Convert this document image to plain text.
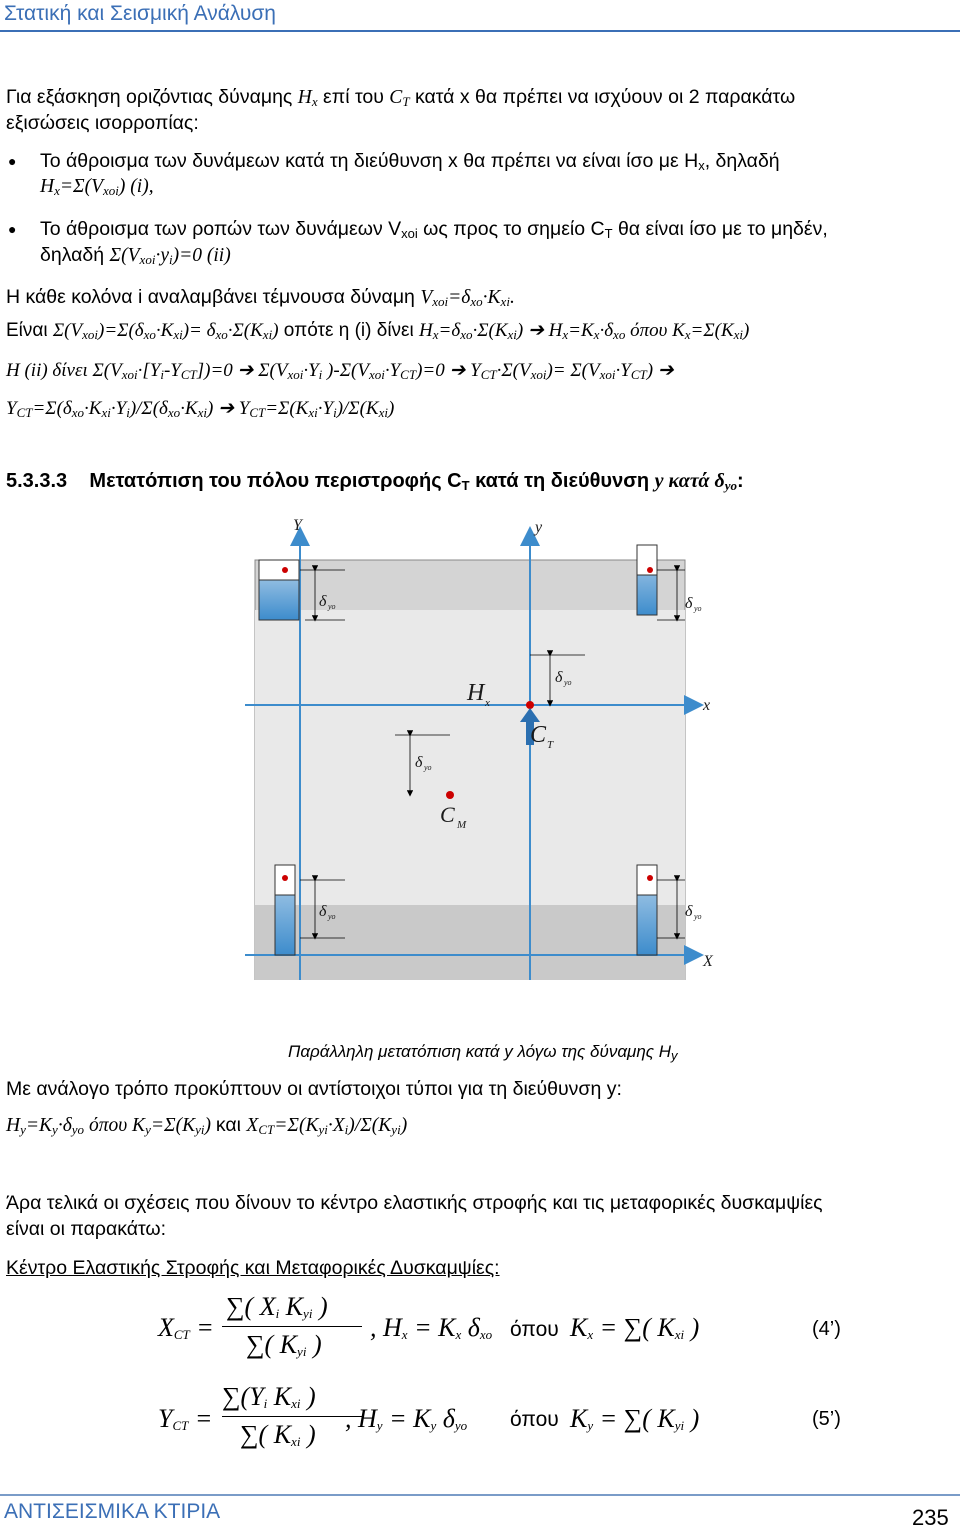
Στατική και Σεισμική Ανάλυση
Για εξάσκηση οριζόντιας δύναμης $H_x$ επί του $C_T$ κατά x θα πρέπει να ισχύουν οι 2 παρακάτω
εξισώσεις ισορροπίας:
● Το άθροισμα των δυνάμεων κατά τη διεύθυνση x θα πρέπει να είναι ίσο με $H_x$, δηλαδή
$H_x=\Sigma(V_{xoi})$ (i),
● Το άθροισμα των ροπών των δυνάμεων $V_{xoi}$ ως προς το σημείο $C_T$ θα είναι ίσο με το μηδέν,
δηλαδή $\Sigma(V_{xoi}\cdot y_i)=0$ (ii)
Η κάθε κολόνα i αναλαμβάνει τέμνουσα δύναμη $V_{xoi}=\delta_{xo}\cdot K_{xi}$.
Είναι $\Sigma(V_{xoi})=\Sigma(\delta_{xo}\cdot K_{xi})= \delta_{xo}\cdot\Sigma(K_{xi})$ οπότε η (i) δίνει $H_x=\delta_{xo}\cdot\Sigma(K_{xi})$ ➔ $H_x=K_x\cdot\delta_{xo}$ όπου $K_x=\Sigma(K_{xi})$
H (ii) δίνει $\Sigma(V_{xoi}\cdot[Y_i-Y_{CT}])=0$ ➔ $\Sigma(V_{xoi}\cdot Y_i$ )$-\Sigma(V_{xoi}\cdot Y_{CT})=0$ ➔ $Y_{CT}\cdot\Sigma(V_{xoi})= \Sigma(V_{xoi}\cdot Y_{CT})$ ➔
$Y_{CT}=\Sigma(\delta_{xo}\cdot K_{xi}\cdot Y_i)/\Sigma(\delta_{xo}\cdot K_{xi})$ ➔ $Y_{CT}=\Sigma(K_{xi}\cdot Y_i)/\Sigma(K_{xi})$
5.3.3.3 Μετατόπιση του πόλου περιστροφής $C_T$ κατά τη διεύθυνση y κατά $\delta_{yo}$:
Y	y
x
X
H x
C T
C M
δ yo	δ yo
δ yo
δ yo
δ yo	δ yo
Παράλληλη μετατόπιση κατά y λόγω της δύναμης $H_y$
Με ανάλογο τρόπο προκύπτουν οι αντίστοιχοι τύποι για τη διεύθυνση y:
$H_y=K_y\cdot\delta_{yo}$ όπου $K_y=\Sigma(K_{yi})$ και $X_{CT}=\Sigma(K_{yi}\cdot X_i)/\Sigma(K_{yi})$
Άρα τελικά οι σχέσεις που δίνουν το κέντρο ελαστικής στροφής και τις μεταφορικές δυσκαμψίες
είναι οι παρακάτω:
Κέντρο Ελαστικής Στροφής και Μεταφορικές Δυσκαμψίες:
$X_{CT}$ =
∑( $X_i$ $K_{yi}$ )
∑( $K_{yi}$ )
, $H_x = K_x$ $\delta_{xo}$ όπου $K_x$ = ∑( $K_{xi}$ )	(4’)
$Y_{CT}$ =
$\sum(Y_i$ $K_{xi}$ )
∑( $K_{xi}$ )
, $H_y = K_y$ $\delta_{yo}$ όπου $K_y$ = ∑( $K_{yi}$ )	(5’)
ΑΝΤΙΣΕΙΣΜΙΚΑ ΚΤΙΡΙΑ	235
